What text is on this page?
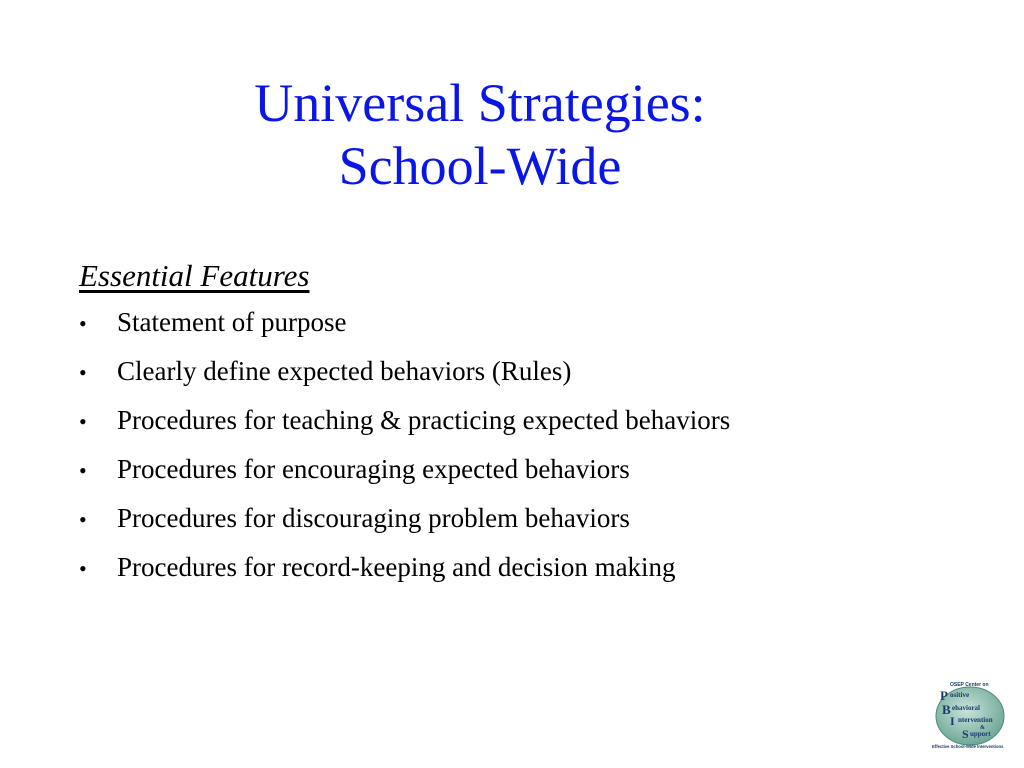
Universal Strategies:
School-Wide
Essential Features
•	Statement of purpose
•	Clearly define expected behaviors (Rules)
•	Procedures for teaching & practicing expected behaviors
•	Procedures for encouraging expected behaviors
•	Procedures for discouraging problem behaviors
•	Procedures for record-keeping and decision making
OSEP Center on
P ositive
B ehavioral
I ntervention
&
S upport
Effective School-Wide Interventions
